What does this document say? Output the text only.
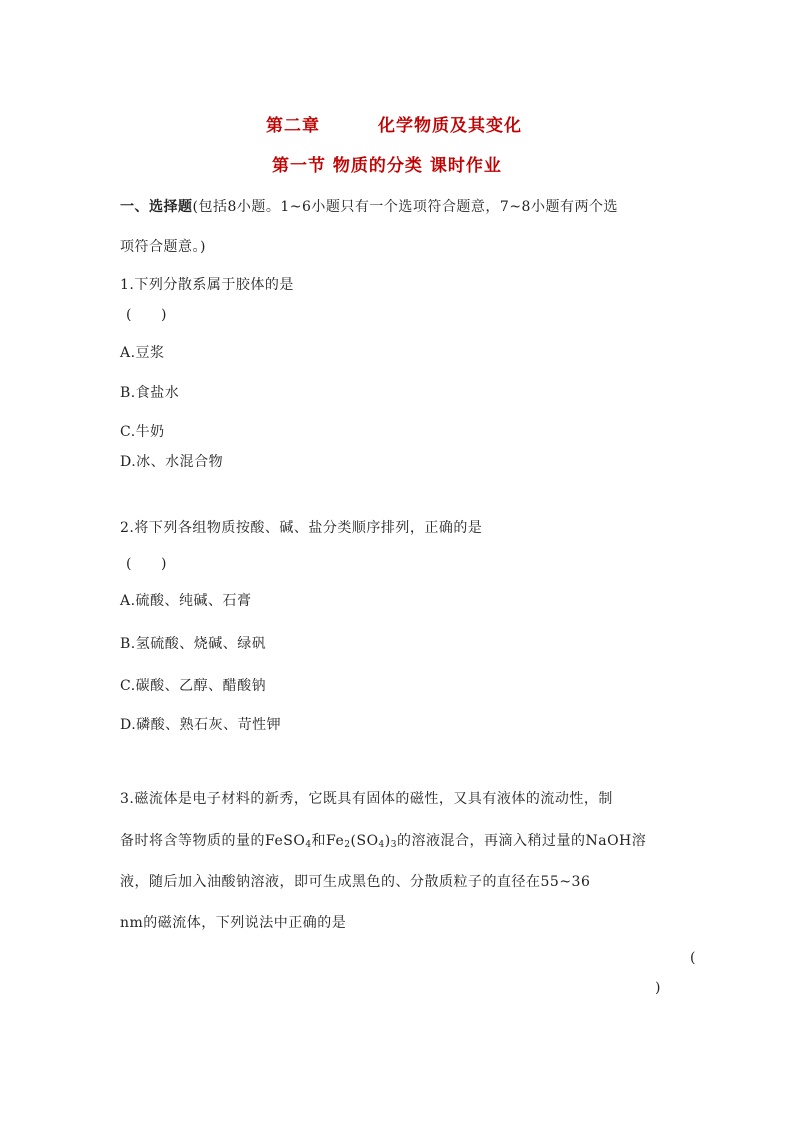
第二章	化学物质及其变化
第一节 物质的分类 课时作业
一、选择题(包括8小题。1~6小题只有一个选项符合题意，7~8小题有两个选
项符合题意。)
1.下列分散系属于胶体的是
(　　)
A.豆浆
B.食盐水
C.牛奶
D.冰、水混合物
2.将下列各组物质按酸、碱、盐分类顺序排列，正确的是
(　　)
A.硫酸、纯碱、石膏
B.氢硫酸、烧碱、绿矾
C.碳酸、乙醇、醋酸钠
D.磷酸、熟石灰、苛性钾
3.磁流体是电子材料的新秀，它既具有固体的磁性，又具有液体的流动性，制
备时将含等物质的量的FeSO$_4$和$Fe_2(SO_4)_3$的溶液混合，再滴入稍过量的NaOH溶
液，随后加入油酸钠溶液，即可生成黑色的、分散质粒子的直径在55~36
nm的磁流体，下列说法中正确的是
(
)
